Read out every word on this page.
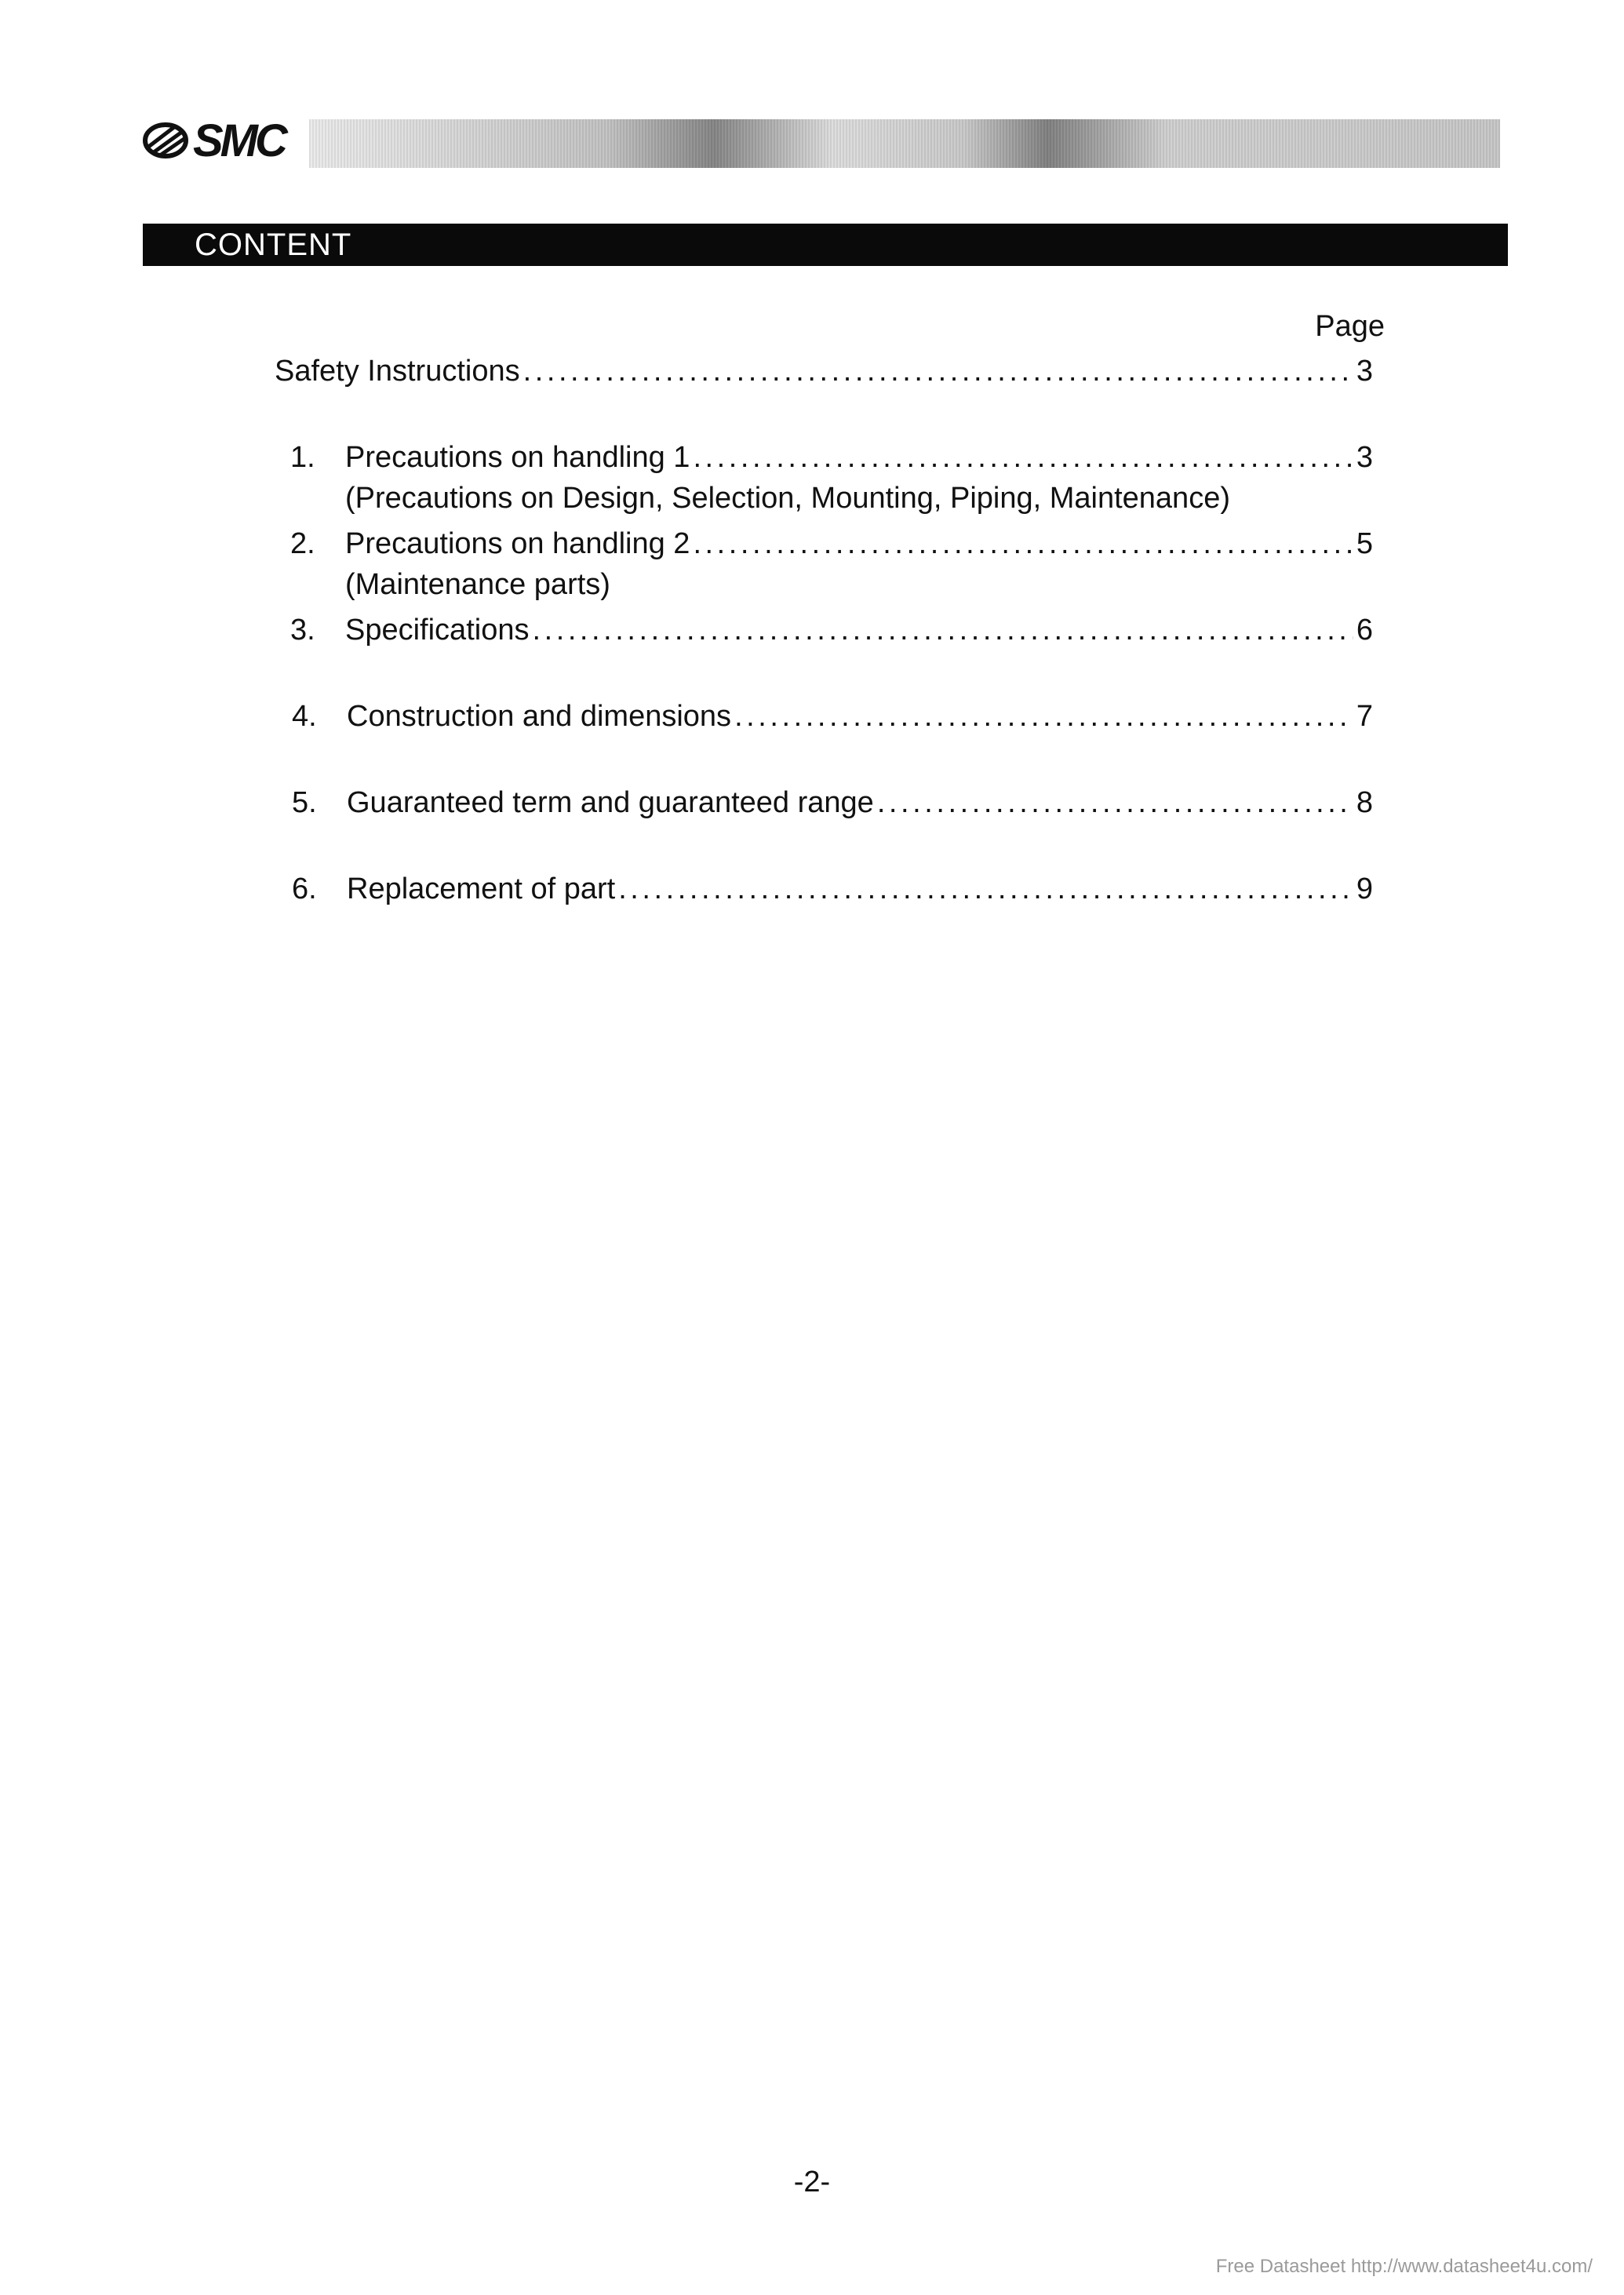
SMC
CONTENT
Page
Safety Instructions . . .	3
1.	Precautions on handling 1 . . .	3
(Precautions on Design, Selection, Mounting, Piping, Maintenance)
2.	Precautions on handling 2 . . .	5
(Maintenance parts)
3.	Specifications . . .	6
4.	Construction and dimensions . . .	7
5.	Guaranteed term and guaranteed range . . .	8
6.	Replacement of part . . .	9
-2-
Free Datasheet http://www.datasheet4u.com/
